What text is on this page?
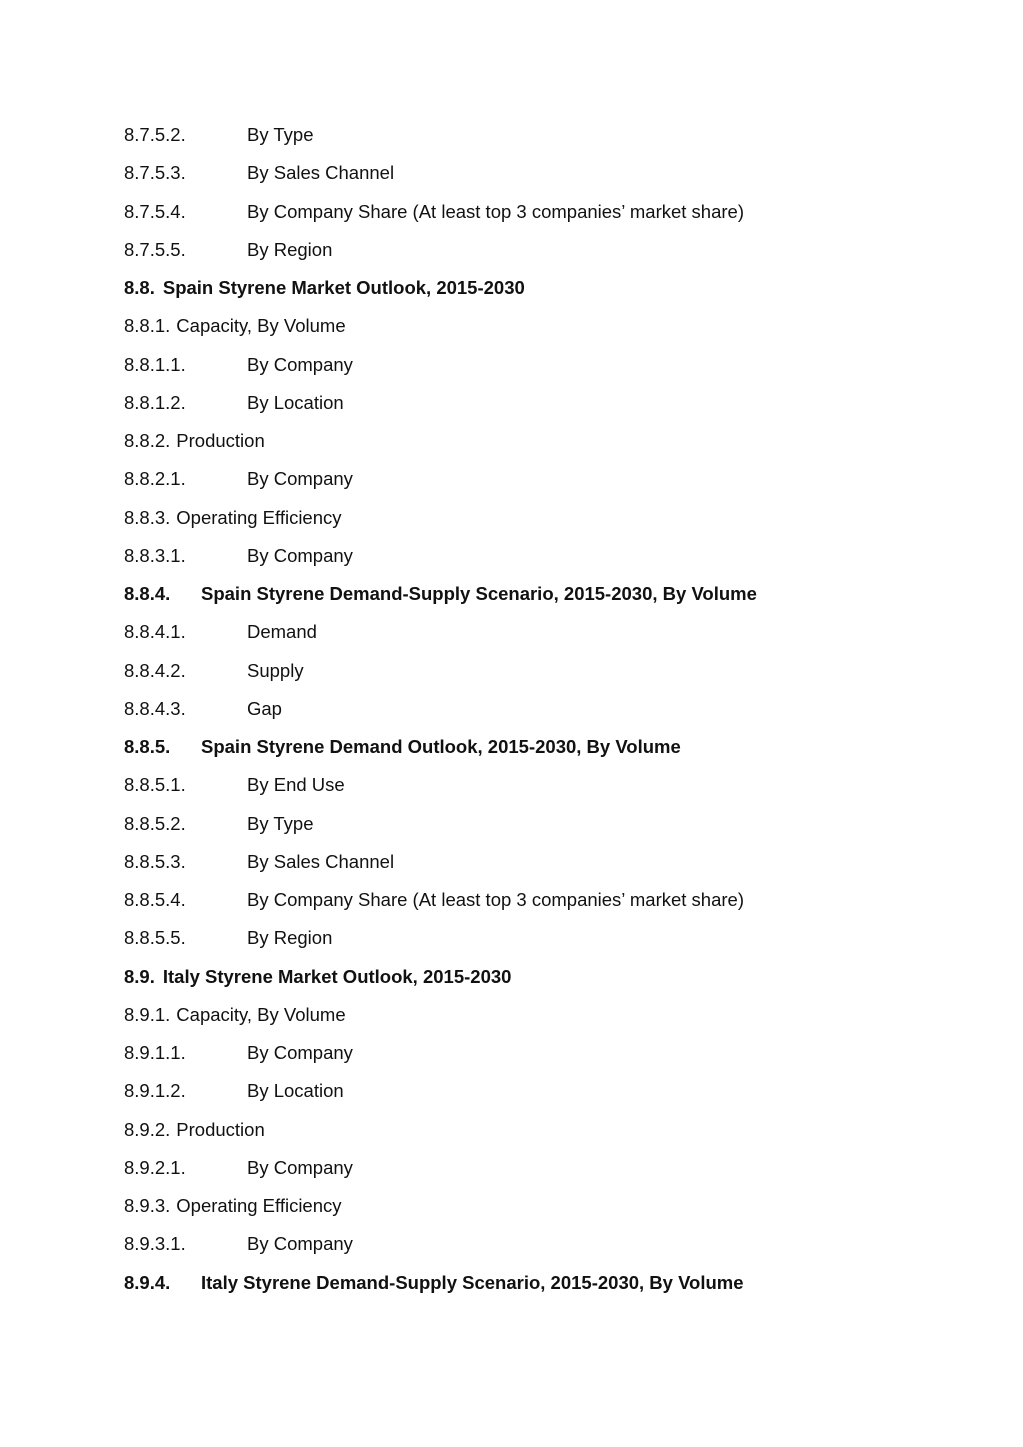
8.7.5.2.	By Type
8.7.5.3.	By Sales Channel
8.7.5.4.	By Company Share (At least top 3 companies’ market share)
8.7.5.5.	By Region
8.8. Spain Styrene Market Outlook, 2015-2030
8.8.1. Capacity, By Volume
8.8.1.1.	By Company
8.8.1.2.	By Location
8.8.2. Production
8.8.2.1.	By Company
8.8.3. Operating Efficiency
8.8.3.1.	By Company
8.8.4. Spain Styrene Demand-Supply Scenario, 2015-2030, By Volume
8.8.4.1.	Demand
8.8.4.2.	Supply
8.8.4.3.	Gap
8.8.5. Spain Styrene Demand Outlook, 2015-2030, By Volume
8.8.5.1.	By End Use
8.8.5.2.	By Type
8.8.5.3.	By Sales Channel
8.8.5.4.	By Company Share (At least top 3 companies’ market share)
8.8.5.5.	By Region
8.9. Italy Styrene Market Outlook, 2015-2030
8.9.1. Capacity, By Volume
8.9.1.1.	By Company
8.9.1.2.	By Location
8.9.2. Production
8.9.2.1.	By Company
8.9.3. Operating Efficiency
8.9.3.1.	By Company
8.9.4. Italy Styrene Demand-Supply Scenario, 2015-2030, By Volume
